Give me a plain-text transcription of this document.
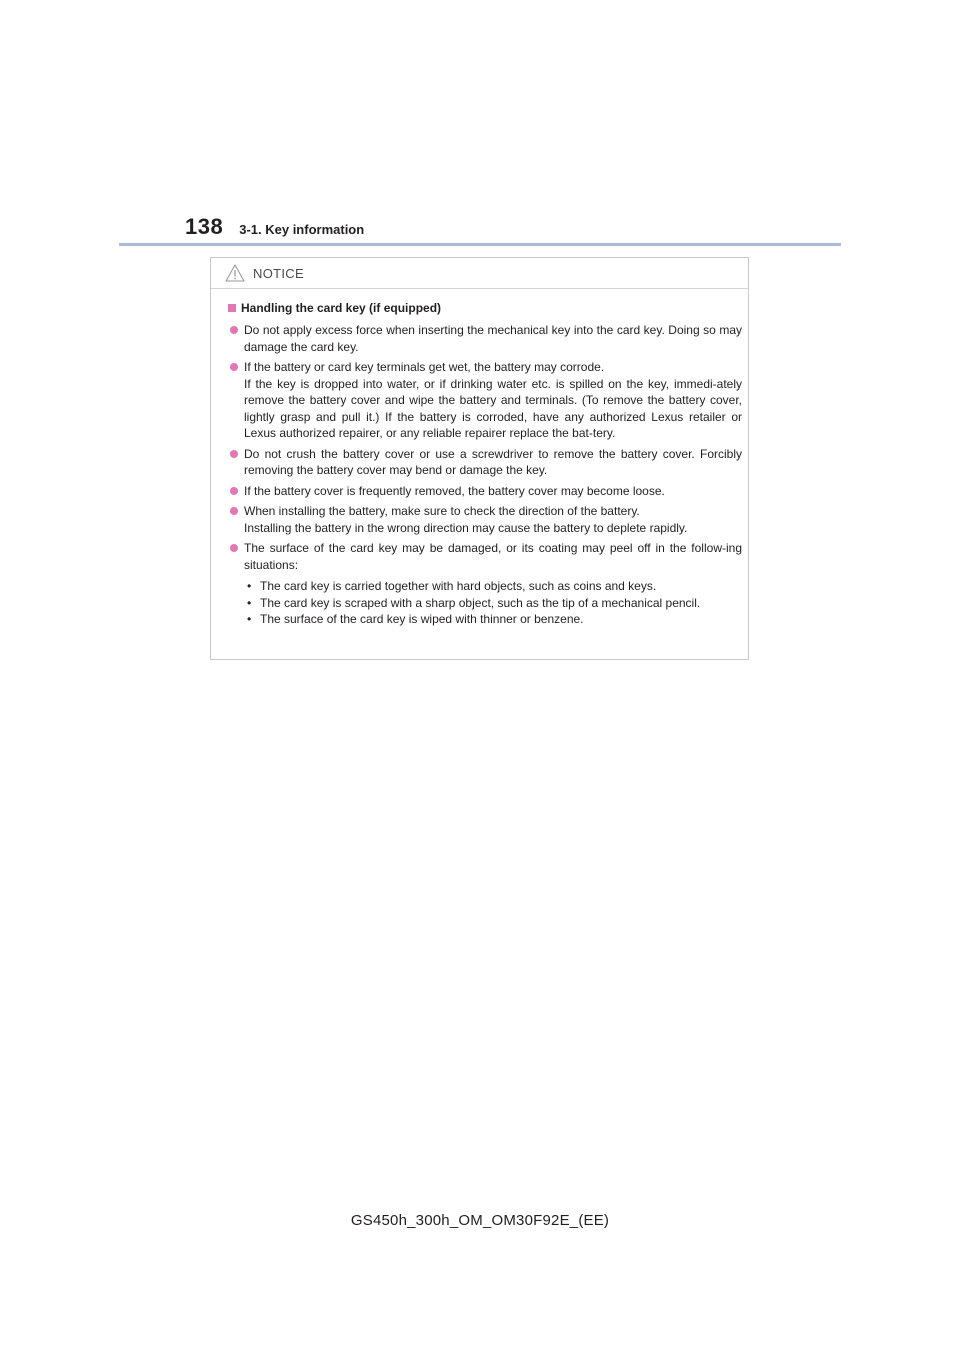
138 3-1. Key information
NOTICE
Handling the card key (if equipped)

Do not apply excess force when inserting the mechanical key into the card key. Doing so may damage the card key.

If the battery or card key terminals get wet, the battery may corrode.

If the key is dropped into water, or if drinking water etc. is spilled on the key, immedi-ately remove the battery cover and wipe the battery and terminals. (To remove the battery cover, lightly grasp and pull it.) If the battery is corroded, have any authorized Lexus retailer or Lexus authorized repairer, or any reliable repairer replace the bat-tery.

Do not crush the battery cover or use a screwdriver to remove the battery cover. Forcibly removing the battery cover may bend or damage the key.

If the battery cover is frequently removed, the battery cover may become loose.

When installing the battery, make sure to check the direction of the battery.

Installing the battery in the wrong direction may cause the battery to deplete rapidly.

The surface of the card key may be damaged, or its coating may peel off in the follow-ing situations:

• The card key is carried together with hard objects, such as coins and keys.
• The card key is scraped with a sharp object, such as the tip of a mechanical pencil.
• The surface of the card key is wiped with thinner or benzene.
GS450h_300h_OM_OM30F92E_(EE)
